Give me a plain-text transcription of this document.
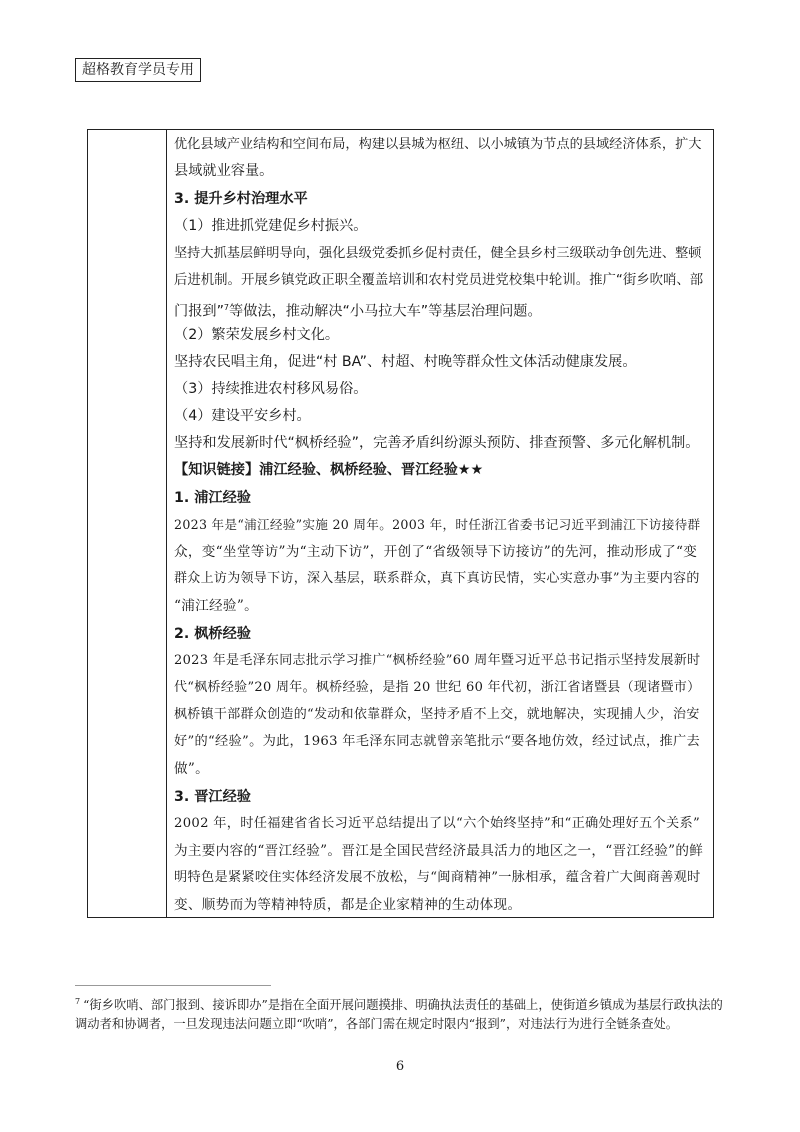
超格教育学员专用
优化县域产业结构和空间布局，构建以县城为枢纽、以小城镇为节点的县域经济体系，扩大
县域就业容量。
3. 提升乡村治理水平
（1）推进抓党建促乡村振兴。
坚持大抓基层鲜明导向，强化县级党委抓乡促村责任，健全县乡村三级联动争创先进、整顿
后进机制。开展乡镇党政正职全覆盖培训和农村党员进党校集中轮训。推广“街乡吹哨、部
门报到”$^7$等做法，推动解决“小马拉大车”等基层治理问题。
（2）繁荣发展乡村文化。
坚持农民唱主角，促进“村 BA”、村超、村晚等群众性文体活动健康发展。
（3）持续推进农村移风易俗。
（4）建设平安乡村。
坚持和发展新时代“枫桥经验”，完善矛盾纠纷源头预防、排查预警、多元化解机制。
【知识链接】浦江经验、枫桥经验、晋江经验★★
1. 浦江经验
2023 年是“浦江经验”实施 20 周年。2003 年，时任浙江省委书记习近平到浦江下访接待群
众，变“坐堂等访”为“主动下访”，开创了“省级领导下访接访”的先河，推动形成了“变
群众上访为领导下访，深入基层，联系群众，真下真访民情，实心实意办事”为主要内容的
“浦江经验”。
2. 枫桥经验
2023 年是毛泽东同志批示学习推广“枫桥经验”60 周年暨习近平总书记指示坚持发展新时
代“枫桥经验”20 周年。枫桥经验，是指 20 世纪 60 年代初，浙江省诸暨县（现诸暨市）
枫桥镇干部群众创造的“发动和依靠群众，坚持矛盾不上交，就地解决，实现捕人少，治安
好”的“经验”。为此，1963 年毛泽东同志就曾亲笔批示“要各地仿效，经过试点，推广去
做”。
3. 晋江经验
2002 年，时任福建省省长习近平总结提出了以“六个始终坚持”和“正确处理好五个关系”
为主要内容的“晋江经验”。晋江是全国民营经济最具活力的地区之一，“晋江经验”的鲜
明特色是紧紧咬住实体经济发展不放松，与“闽商精神”一脉相承，蕴含着广大闽商善观时
变、顺势而为等精神特质，都是企业家精神的生动体现。
$^7$ “街乡吹哨、部门报到、接诉即办”是指在全面开展问题摸排、明确执法责任的基础上，使街道乡镇成为基层行政执法的
调动者和协调者，一旦发现违法问题立即“吹哨”，各部门需在规定时限内“报到”，对违法行为进行全链条查处。
6
